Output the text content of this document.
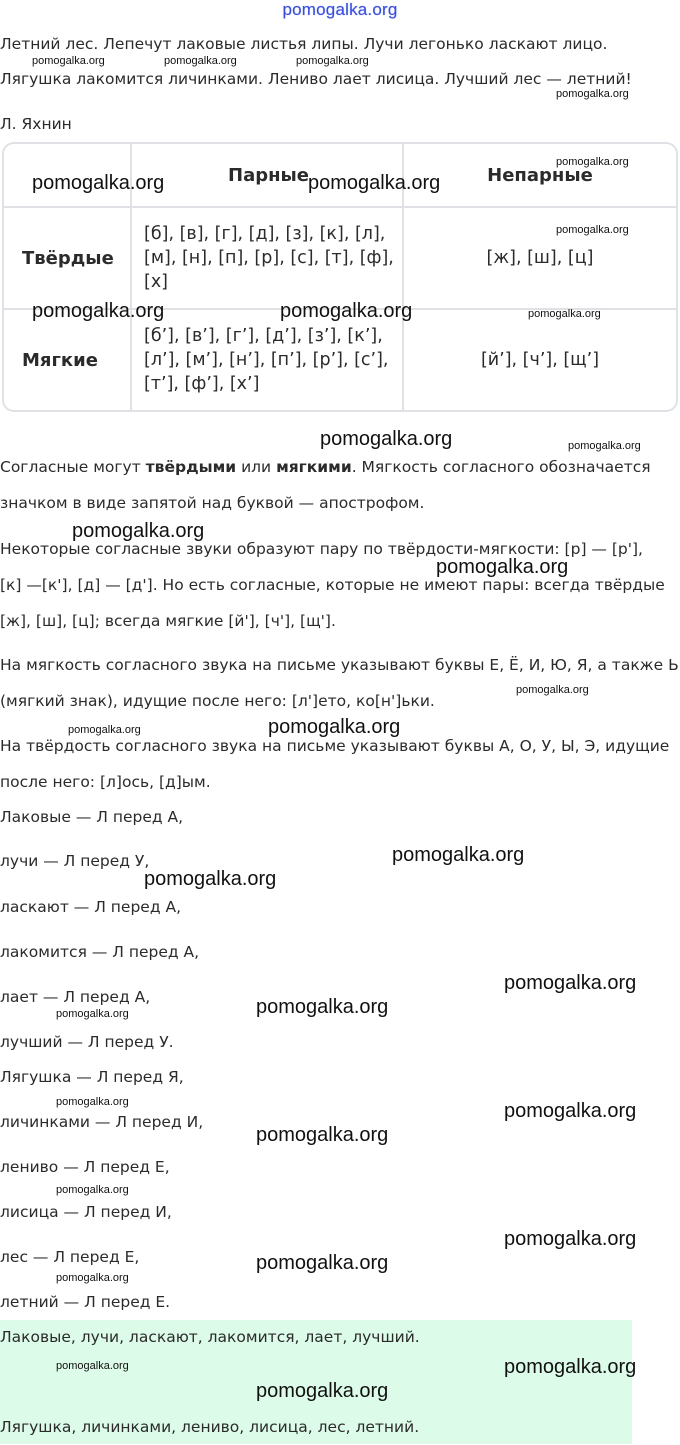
pomogalka.org

Летний лес. Лепечут лаковые листья липы. Лучи легонько ласкают лицо.

Лягушка лакомится личинками. Лениво лает лисица. Лучший лес — летний!

Л. Яхнин

	Парные	Непарные
Твёрдые	[б], [в], [г], [д], [з], [к], [л],
[м], [н], [п], [р], [с], [т], [ф],
[х]	[ж], [ш], [ц]
Мягкие	[б’], [в’], [г’], [д’], [з’], [к’],
[л’], [м’], [н’], [п’], [р’], [с’],
[т’], [ф’], [х’]	[й’], [ч’], [щ’]

Согласные могут твёрдыми или мягкими. Мягкость согласного обозначается

значком в виде запятой над буквой — апострофом.

Некоторые согласные звуки образуют пару по твёрдости-мягкости: [р] — [р'],

[к] —[к'], [д] — [д']. Но есть согласные, которые не имеют пары: всегда твёрдые

[ж], [ш], [ц]; всегда мягкие [й'], [ч'], [щ'].

На мягкость согласного звука на письме указывают буквы Е, Ё, И, Ю, Я, а также Ь

(мягкий знак), идущие после него: [л']ето, ко[н']ьки.

На твёрдость согласного звука на письме указывают буквы А, О, У, Ы, Э, идущие

после него: [л]ось, [д]ым.

Лаковые — Л перед А,

лучи — Л перед У,

ласкают — Л перед А,

лакомится — Л перед А,

лает — Л перед А,

лучший — Л перед У.

Лягушка — Л перед Я,

личинками — Л перед И,

лениво — Л перед Е,

лисица — Л перед И,

лес — Л перед Е,

летний — Л перед Е.

Лаковые, лучи, ласкают, лакомится, лает, лучший.

Лягушка, личинками, лениво, лисица, лес, летний.

pomogalka.org	pomogalka.org	pomogalka.org
pomogalka.org
pomogalka.org
pomogalka.org	pomogalka.org
pomogalka.org
pomogalka.org	pomogalka.org	pomogalka.org
pomogalka.org	pomogalka.org
pomogalka.org
pomogalka.org
pomogalka.org
pomogalka.org	pomogalka.org
pomogalka.org
pomogalka.org
pomogalka.org
pomogalka.org
pomogalka.org
pomogalka.org	pomogalka.org
pomogalka.org
pomogalka.org
pomogalka.org
pomogalka.org
pomogalka.org
pomogalka.org	pomogalka.org
pomogalka.org
